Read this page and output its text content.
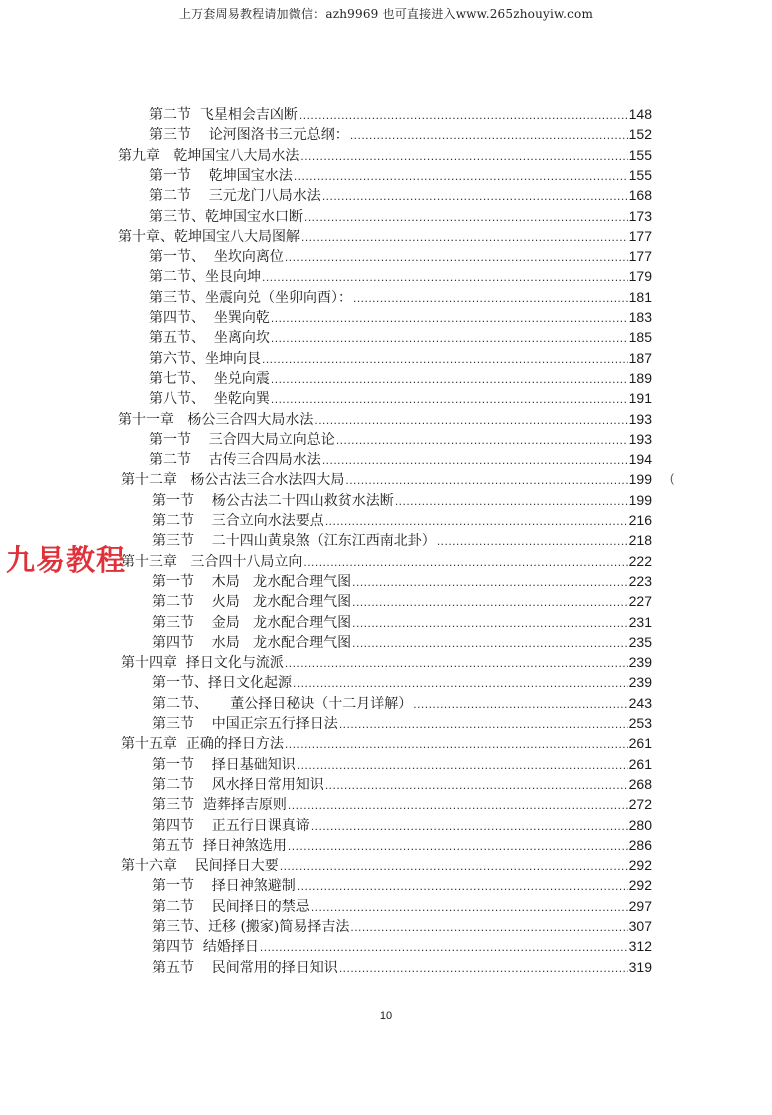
上万套周易教程请加微信：azh9969 也可直接进入www.265zhouyiw.com
第二节  飞星相会吉凶断 .....	148
第三节    论河图洛书三元总纲： .....	152
第九章   乾坤国宝八大局水法 .....	155
第一节    乾坤国宝水法 .....	155
第二节    三元龙门八局水法 .....	168
第三节、乾坤国宝水口断 .....	173
第十章、乾坤国宝八大局图解 .....	177
第一节、  坐坎向离位 .....	177
第二节、坐艮向坤 .....	179
第三节、坐震向兑（坐卯向酉）： .....	181
第四节、  坐巽向乾 .....	183
第五节、  坐离向坎 .....	185
第六节、坐坤向艮 .....	187
第七节、  坐兑向震 .....	189
第八节、  坐乾向巽 .....	191
第十一章   杨公三合四大局水法 .....	193
第一节    三合四大局立向总论 .....	193
第二节    古传三合四局水法 .....	194
第十二章   杨公古法三合水法四大局 .....	199
第一节    杨公古法二十四山救贫水法断 .....	199
第二节    三合立向水法要点 .....	216
第三节    二十四山黄泉煞（江东江西南北卦） .....	218
第十三章   三合四十八局立向 .....	222
第一节    木局   龙水配合理气图 .....	223
第二节    火局   龙水配合理气图 .....	227
第三节    金局   龙水配合理气图 .....	231
第四节    水局   龙水配合理气图 .....	235
第十四章  择日文化与流派 .....	239
第一节、择日文化起源 .....	239
第二节、     董公择日秘诀（十二月详解） .....	243
第三节    中国正宗五行择日法 .....	253
第十五章  正确的择日方法 .....	261
第一节    择日基础知识 .....	261
第二节    风水择日常用知识 .....	268
第三节  造葬择吉原则 .....	272
第四节    正五行日课真谛 .....	280
第五节  择日神煞选用 .....	286
第十六章    民间择日大要 .....	292
第一节    择日神煞避制 .....	292
第二节    民间择日的禁忌 .....	297
第三节、迁移 (搬家)简易择吉法 .....	307
第四节  结婚择日 .....	312
第五节    民间常用的择日知识 .....	319
九易教程
(
10
